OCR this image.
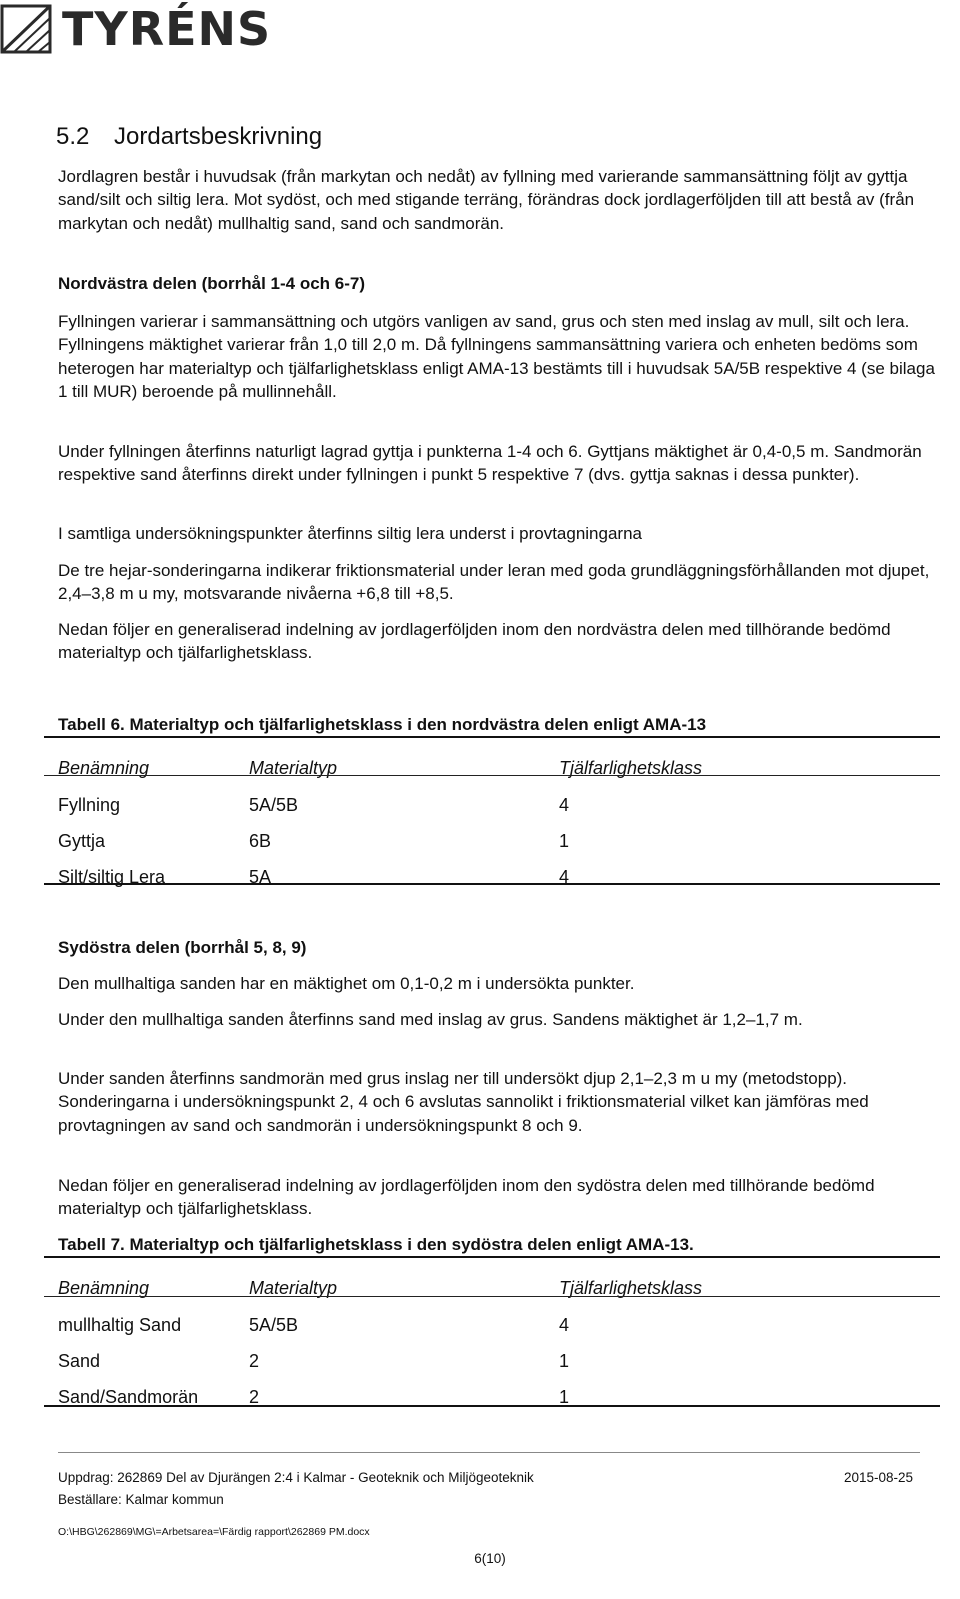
TYRÉNS
5.2 Jordartsbeskrivning

Jordlagren består i huvudsak (från markytan och nedåt) av fyllning med varierande sammansättning följt av gyttja sand/silt och siltig lera. Mot sydöst, och med stigande terräng, förändras dock jordlagerföljden till att bestå av (från markytan och nedåt) mullhaltig sand, sand och sandmorän.

Nordvästra delen (borrhål 1-4 och 6-7)

Fyllningen varierar i sammansättning och utgörs vanligen av sand, grus och sten med inslag av mull, silt och lera. Fyllningens mäktighet varierar från 1,0 till 2,0 m. Då fyllningens sammansättning variera och enheten bedöms som heterogen har materialtyp och tjälfarlighetsklass enligt AMA-13 bestämts till i huvudsak 5A/5B respektive 4 (se bilaga 1 till MUR) beroende på mullinnehåll.

Under fyllningen återfinns naturligt lagrad gyttja i punkterna 1-4 och 6. Gyttjans mäktighet är 0,4-0,5 m. Sandmorän respektive sand återfinns direkt under fyllningen i punkt 5 respektive 7 (dvs. gyttja saknas i dessa punkter).

I samtliga undersökningspunkter återfinns siltig lera underst i provtagningarna

De tre hejar-sonderingarna indikerar friktionsmaterial under leran med goda grundläggningsförhållanden mot djupet, 2,4–3,8 m u my, motsvarande nivåerna +6,8 till +8,5.

Nedan följer en generaliserad indelning av jordlagerföljden inom den nordvästra delen med tillhörande bedömd materialtyp och tjälfarlighetsklass.

Tabell 6. Materialtyp och tjälfarlighetsklass i den nordvästra delen enligt AMA-13

Benämning	Materialtyp	Tjälfarlighetsklass
Fyllning	5A/5B	4
Gyttja	6B	1
Silt/siltig Lera	5A	4

Sydöstra delen (borrhål 5, 8, 9)

Den mullhaltiga sanden har en mäktighet om 0,1-0,2 m i undersökta punkter.

Under den mullhaltiga sanden återfinns sand med inslag av grus. Sandens mäktighet är 1,2–1,7 m.

Under sanden återfinns sandmorän med grus inslag ner till undersökt djup 2,1–2,3 m u my (metodstopp). Sonderingarna i undersökningspunkt 2, 4 och 6 avslutas sannolikt i friktionsmaterial vilket kan jämföras med provtagningen av sand och sandmorän i undersökningspunkt 8 och 9.

Nedan följer en generaliserad indelning av jordlagerföljden inom den sydöstra delen med tillhörande bedömd materialtyp och tjälfarlighetsklass.

Tabell 7. Materialtyp och tjälfarlighetsklass i den sydöstra delen enligt AMA-13.

Benämning	Materialtyp	Tjälfarlighetsklass
mullhaltig Sand	5A/5B	4
Sand	2	1
Sand/Sandmorän	2	1
Uppdrag: 262869 Del av Djurängen 2:4 i Kalmar - Geoteknik och Miljögeoteknik	2015-08-25
Beställare: Kalmar kommun
O:\HBG\262869\MG\=Arbetsarea=\Färdig rapport\262869 PM.docx
6(10)
